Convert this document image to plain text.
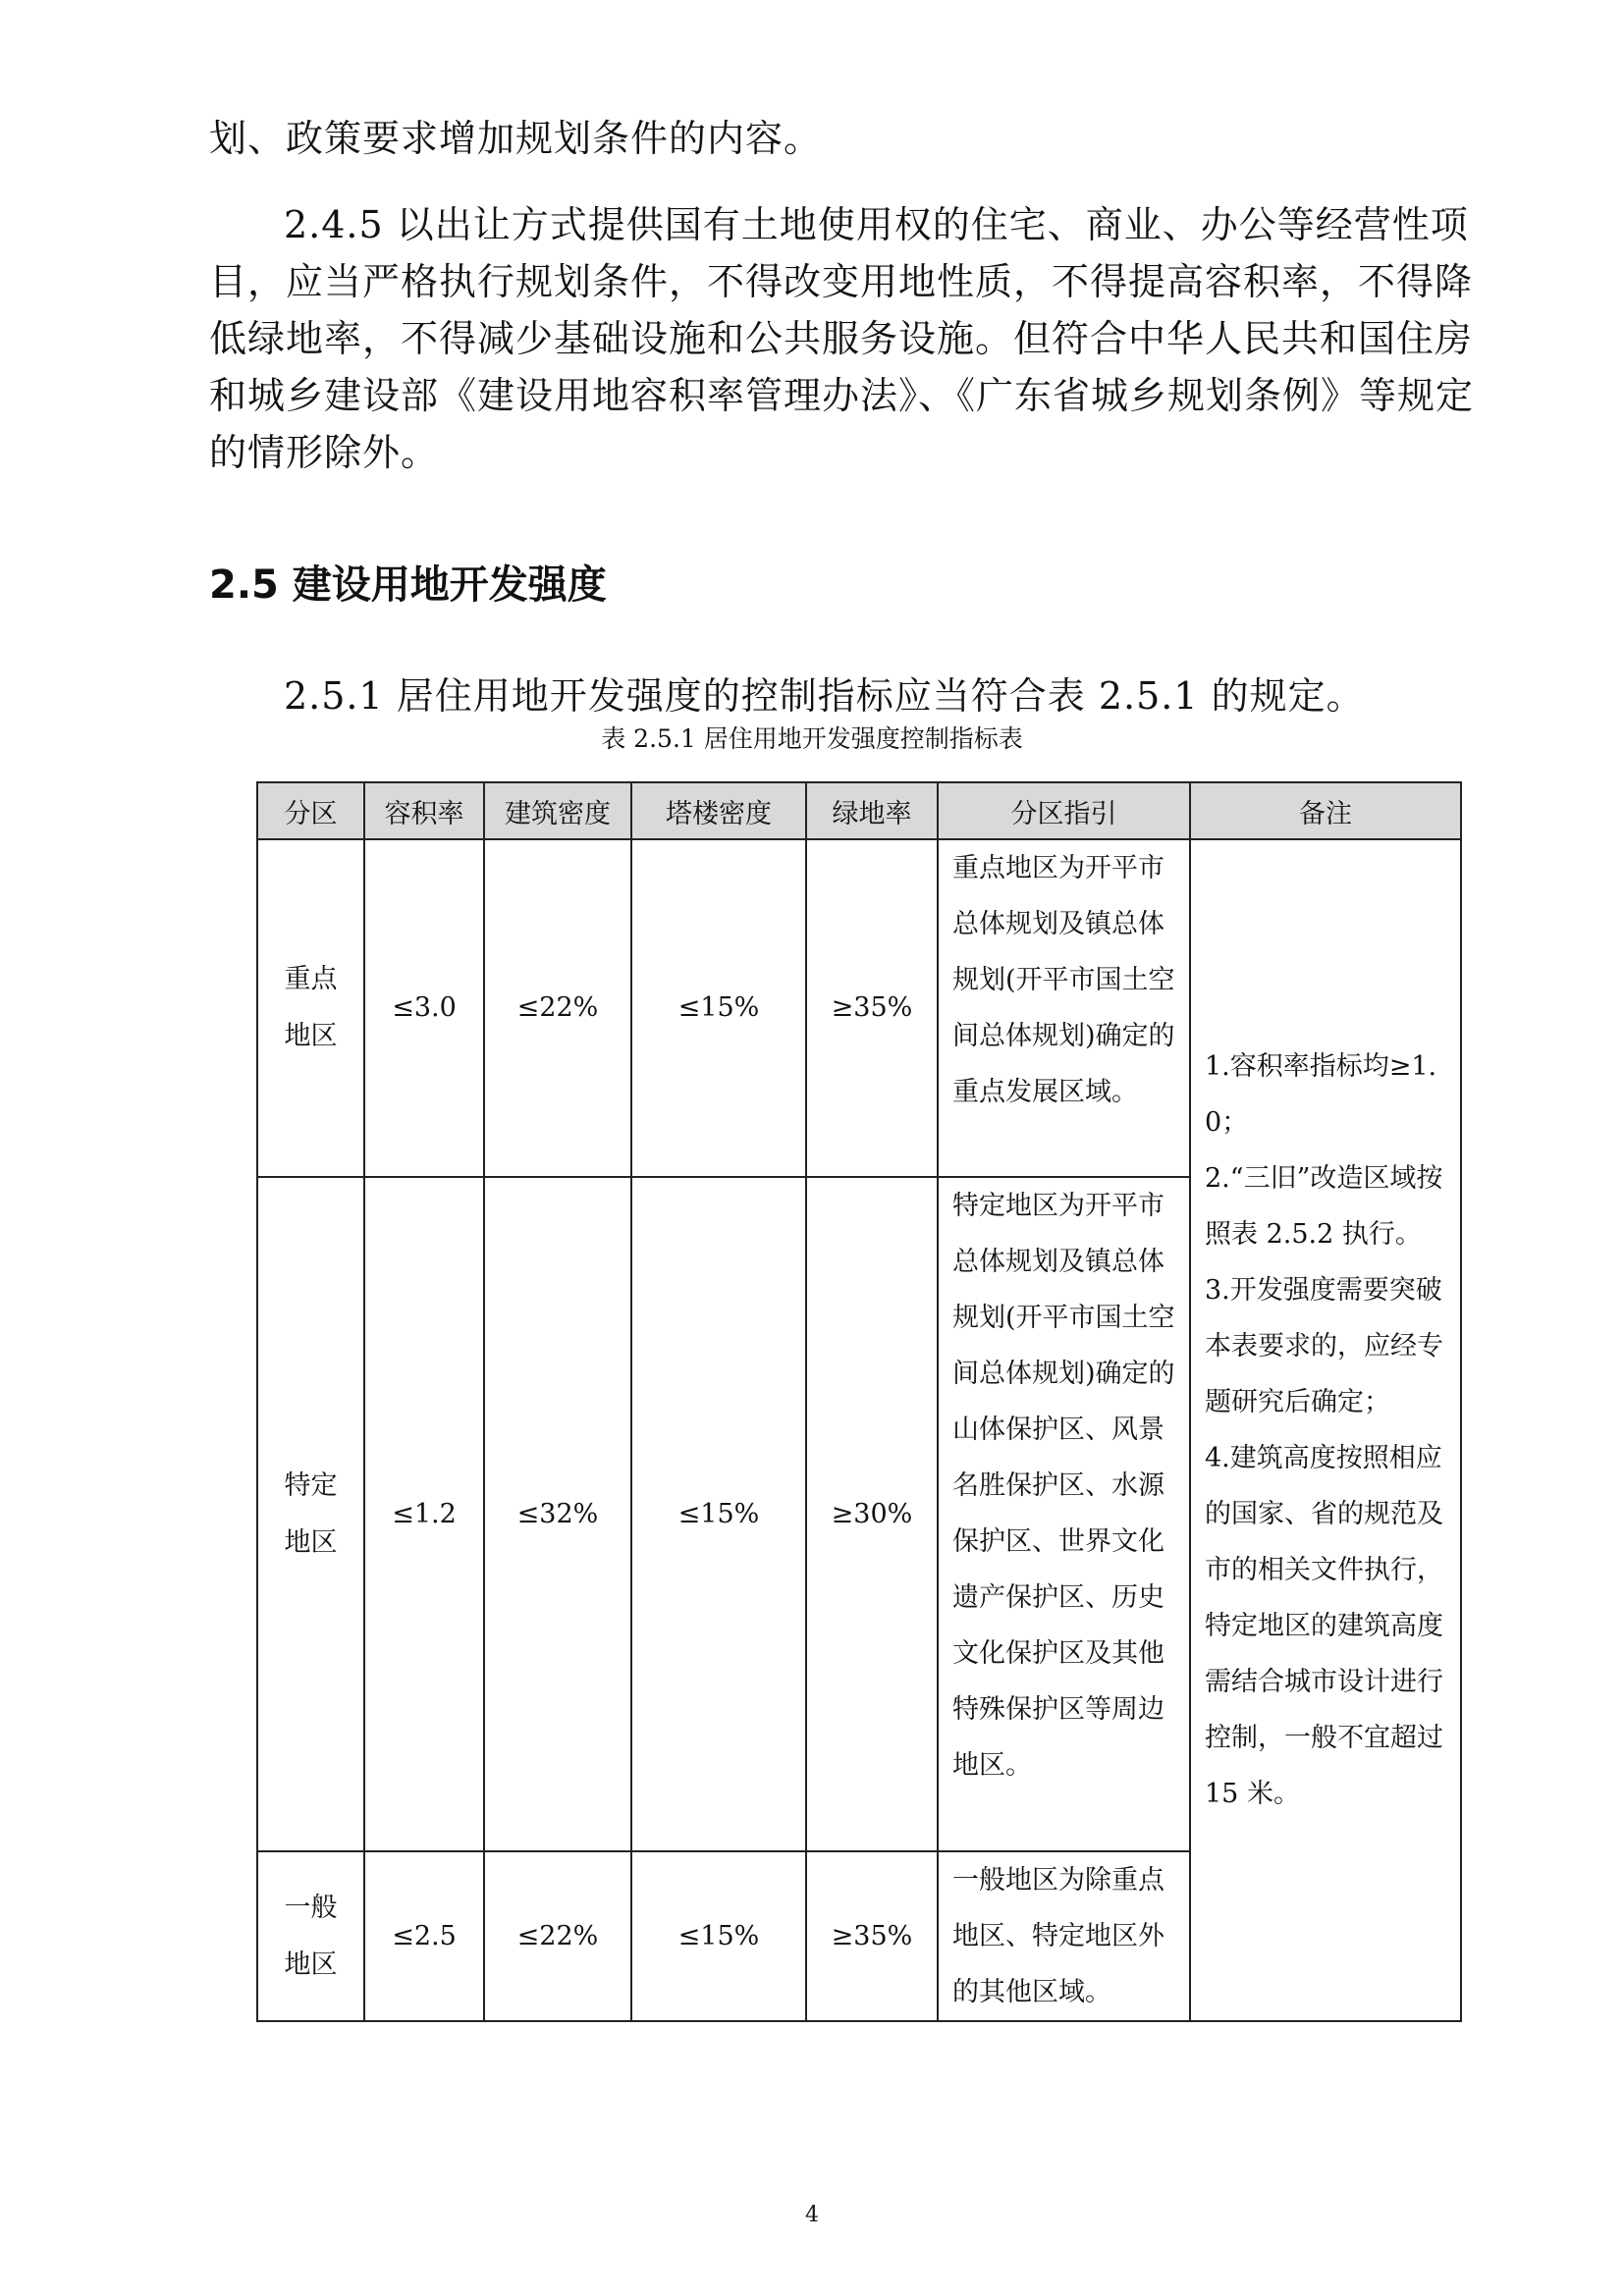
划、政策要求增加规划条件的内容。

2.4.5 以出让方式提供国有土地使用权的住宅、商业、办公等经营性项目，应当严格执行规划条件，不得改变用地性质，不得提高容积率，不得降低绿地率，不得减少基础设施和公共服务设施。但符合中华人民共和国住房和城乡建设部《建设用地容积率管理办法》、《广东省城乡规划条例》等规定的情形除外。

2.5 建设用地开发强度

2.5.1 居住用地开发强度的控制指标应当符合表 2.5.1 的规定。

表 2.5.1 居住用地开发强度控制指标表
分区	容积率	建筑密度	塔楼密度	绿地率	分区指引	备注
重点地区	≤3.0	≤22%	≤15%	≥35%	重点地区为开平市总体规划及镇总体规划(开平市国土空间总体规划)确定的重点发展区域。	1.容积率指标均≥1.0；
2.“三旧”改造区域按照表 2.5.2 执行。
3.开发强度需要突破本表要求的，应经专题研究后确定；
4.建筑高度按照相应的国家、省的规范及市的相关文件执行，特定地区的建筑高度需结合城市设计进行控制，一般不宜超过 15 米。

特定地区	≤1.2	≤32%	≤15%	≥30%	特定地区为开平市总体规划及镇总体规划(开平市国土空间总体规划)确定的山体保护区、风景名胜保护区、水源保护区、世界文化遗产保护区、历史文化保护区及其他特殊保护区等周边地区。	
一般地区	≤2.5	≤22%	≤15%	≥35%	一般地区为除重点地区、特定地区外的其他区域。	
4
